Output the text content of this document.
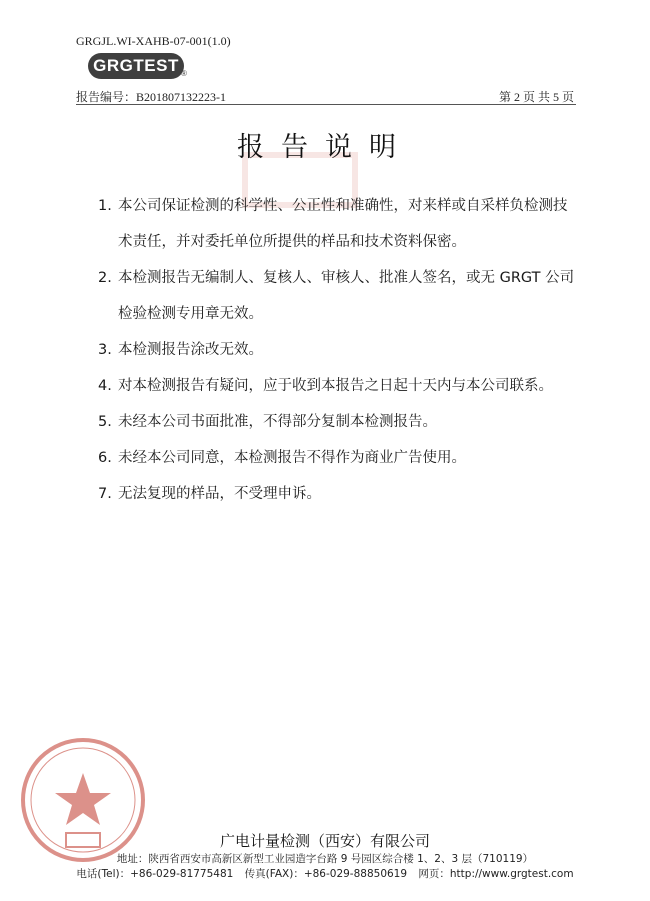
GRGJL.WI-XAHB-07-001(1.0)
GRGTEST ®
报告编号：B201807132223-1	第 2 页 共 5 页
报告说明
1. 本公司保证检测的科学性、公正性和准确性，对来样或自采样负检测技术责任，并对委托单位所提供的样品和技术资料保密。
2. 本检测报告无编制人、复核人、审核人、批准人签名，或无 GRGT 公司检验检测专用章无效。
3. 本检测报告涂改无效。
4. 对本检测报告有疑问，应于收到本报告之日起十天内与本公司联系。
5. 未经本公司书面批准，不得部分复制本检测报告。
6. 未经本公司同意，本检测报告不得作为商业广告使用。
7. 无法复现的样品，不受理申诉。
广电计量检测（西安）有限公司
地址：陕西省西安市高新区新型工业园造字台路 9 号园区综合楼 1、2、3 层（710119）
电话(Tel)：+86-029-81775481 传真(FAX)：+86-029-88850619 网页：http://www.grgtest.com
